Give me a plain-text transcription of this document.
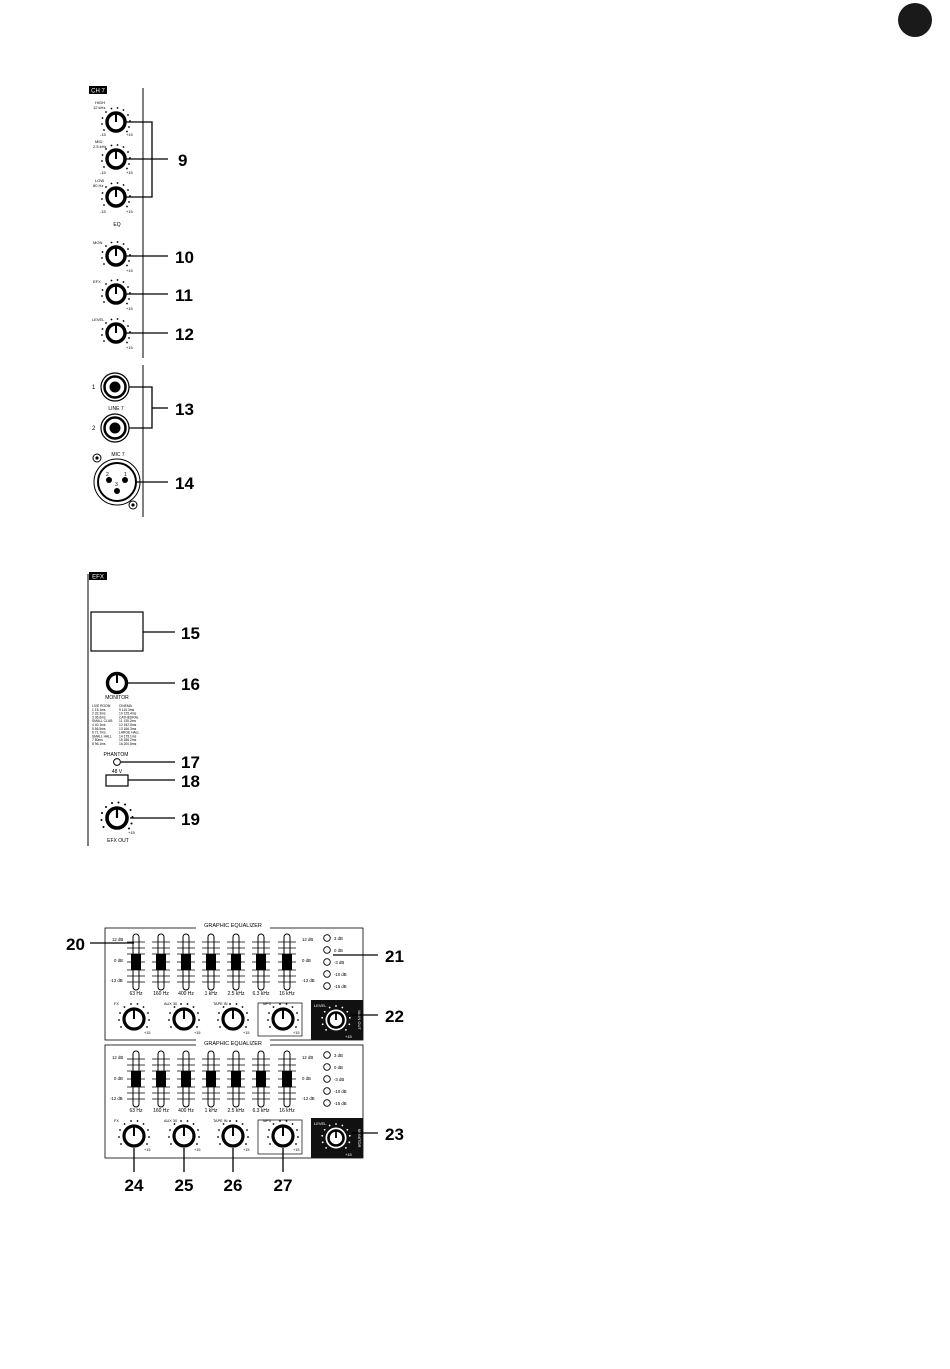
CH 7
HIGH
12 kHz
-15	+15
MID
2.5 kHz
-15	+15
LOW
80 Hz
-15	+15
EQ
MON
+15
EFX
+15
LEVEL
+15
1
LINE 7
2
MIC 7
2	1
3
9
10
11
12
13
14
EFX
MONITOR
LIVE ROOM
1 15.1ms
2 32.3ms
3 36.6ms
SMALL CLUB
4 40.1ms
5 56.5ms
6 71.7ms
SMALL HALL
7 80ms
8 96.1ms
CINEMA
9 110.3ms
10 125.4ms
CATHEDRAL
11 135.2ms
12 152.5ms
13 166.3ms
LARGE HALL
14 175.1ms
15 186.2ms
16 200.8ms
PHANTOM
48 V
EFX OUT
+15
15
16
17
18
19
GRAPHIC EQUALIZER
12 dB
0 dB
-12 dB
12 dB
0 dB
-12 dB
GRAPHIC EQUALIZER
12 dB
0 dB
-12 dB
12 dB
0 dB
-12 dB
63 Hz 160 Hz 400 Hz 1 kHz 2.5 kHz 6.3 kHz 16 kHz
3 dB
0 dB
-3 dB
-10 dB
-15 dB
FX
+15
AUX 30
+15
TAPE IN
+15
MP3
+15
LEVEL
+15
MAIN OUT
63 Hz 160 Hz 400 Hz 1 kHz 2.5 kHz 6.3 kHz 16 kHz
3 dB
0 dB
-3 dB
-10 dB
-15 dB
FX
+15
AUX 30
+15
TAPE IN
+15
MP3
+15
LEVEL
+15
MONITOR
20
21
22
23
24 25 26 27
